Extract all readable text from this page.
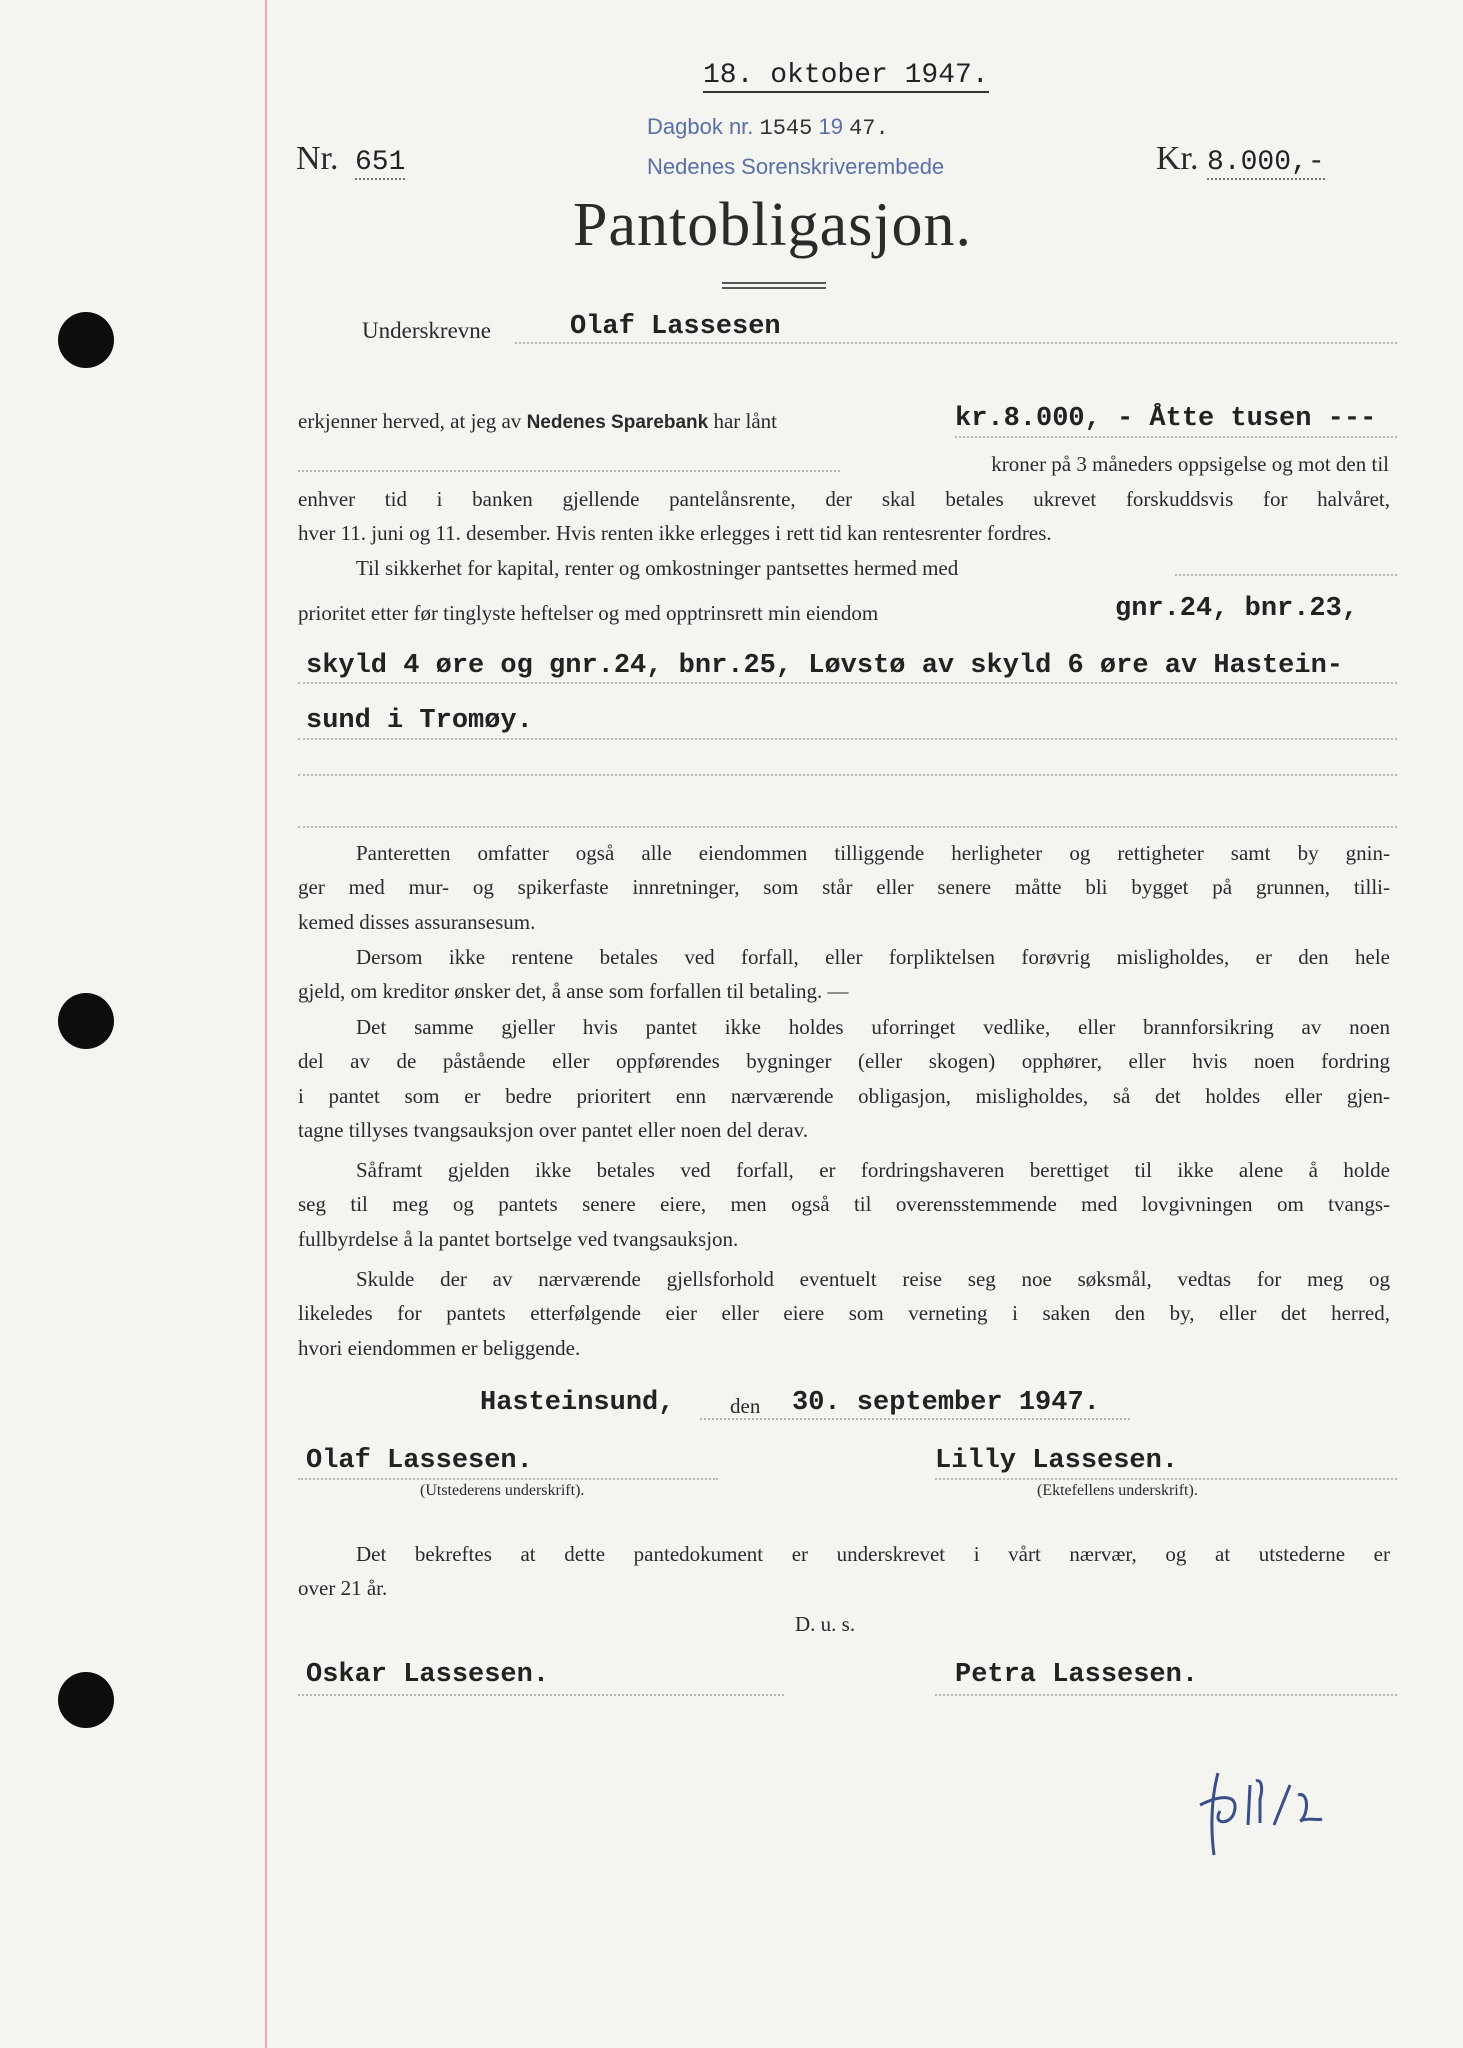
18. oktober 1947.
Nr. 651
Dagbok nr. 1545 19 47.
Nedenes Sorenskriverembede	Kr. 8.000,-
Pantobligasjon.
Underskrevne	Olaf Lassesen
erkjenner herved, at jeg av Nedenes Sparebank har lånt	kr.8.000, - Åtte tusen ---
kroner på 3 måneders oppsigelse og mot den til
enhver tid i banken gjellende pantelånsrente, der skal betales ukrevet forskuddsvis for halvåret,
hver 11. juni og 11. desember. Hvis renten ikke erlegges i rett tid kan rentesrenter fordres.
Til sikkerhet for kapital, renter og omkostninger pantsettes hermed med
prioritet etter før tinglyste heftelser og med opptrinsrett min eiendom	gnr.24, bnr.23,
skyld 4 øre og gnr.24, bnr.25, Løvstø av skyld 6 øre av Hastein-
sund i Tromøy.
Panteretten omfatter også alle eiendommen tilliggende herligheter og rettigheter samt by gnin-
ger med mur- og spikerfaste innretninger, som står eller senere måtte bli bygget på grunnen, tilli-
kemed disses assuransesum.
Dersom ikke rentene betales ved forfall, eller forpliktelsen forøvrig misligholdes, er den hele
gjeld, om kreditor ønsker det, å anse som forfallen til betaling. —
Det samme gjeller hvis pantet ikke holdes uforringet vedlike, eller brannforsikring av noen
del av de påstående eller oppførendes bygninger (eller skogen) opphører, eller hvis noen fordring
i pantet som er bedre prioritert enn nærværende obligasjon, misligholdes, så det holdes eller gjen-
tagne tillyses tvangsauksjon over pantet eller noen del derav.
Såframt gjelden ikke betales ved forfall, er fordringshaveren berettiget til ikke alene å holde
seg til meg og pantets senere eiere, men også til overensstemmende med lovgivningen om tvangs-
fullbyrdelse å la pantet bortselge ved tvangsauksjon.
Skulde der av nærværende gjellsforhold eventuelt reise seg noe søksmål, vedtas for meg og
likeledes for pantets etterfølgende eier eller eiere som verneting i saken den by, eller det herred,
hvori eiendommen er beliggende.
Hasteinsund,	den 30. september 1947.
Olaf Lassesen.
(Utstederens underskrift).
Lilly Lassesen.
(Ektefellens underskrift).
Det bekreftes at dette pantedokument er underskrevet i vårt nærvær, og at utstederne er
over 21 år.
D. u. s.
Oskar Lassesen.	Petra Lassesen.
